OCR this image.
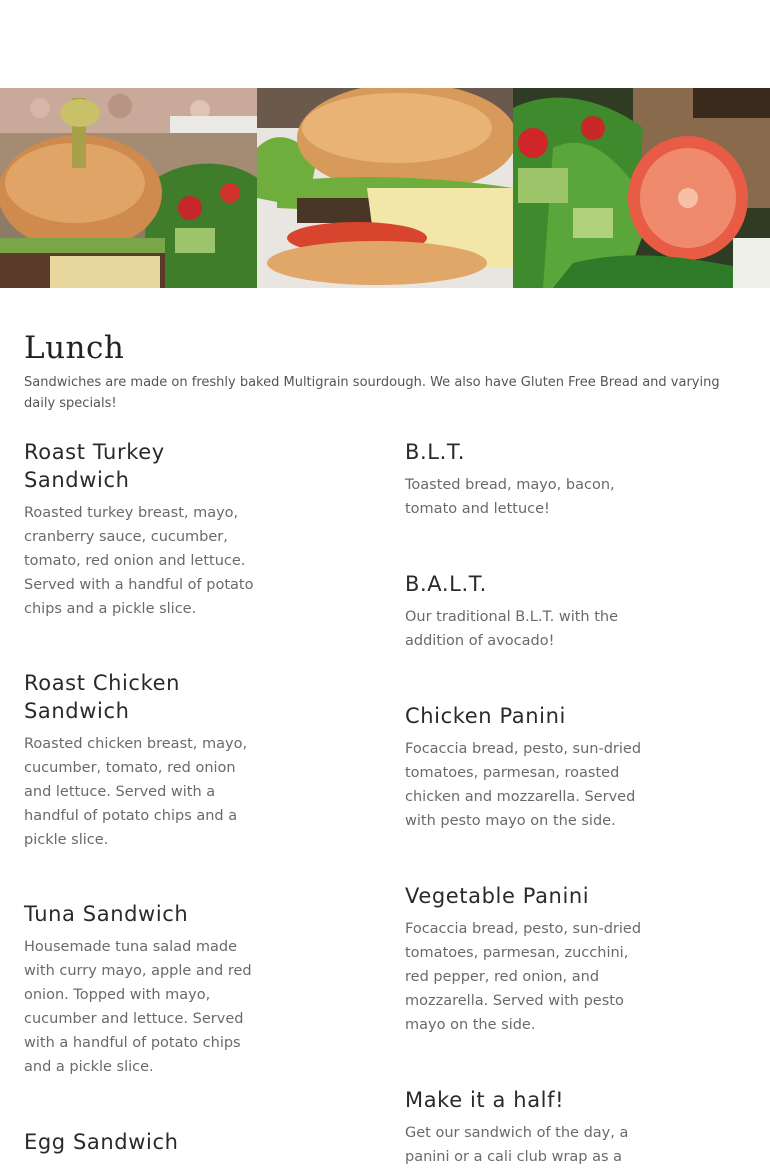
Lunch

Sandwiches are made on freshly baked Multigrain sourdough. We also have Gluten Free Bread and varying daily specials!

Roast Turkey Sandwich

Roasted turkey breast, mayo, cranberry sauce, cucumber, tomato, red onion and lettuce. Served with a handful of potato chips and a pickle slice.

Roast Chicken Sandwich

Roasted chicken breast, mayo, cucumber, tomato, red onion and lettuce. Served with a handful of potato chips and a pickle slice.

Tuna Sandwich

Housemade tuna salad made with curry mayo, apple and red onion. Topped with mayo, cucumber and lettuce. Served with a handful of potato chips and a pickle slice.

Egg Sandwich
B.L.T.

Toasted bread, mayo, bacon, tomato and lettuce!

B.A.L.T.

Our traditional B.L.T. with the addition of avocado!

Chicken Panini

Focaccia bread, pesto, sun-dried tomatoes, parmesan, roasted chicken and mozzarella. Served with pesto mayo on the side.

Vegetable Panini

Focaccia bread, pesto, sun-dried tomatoes, parmesan, zucchini, red pepper, red onion, and mozzarella. Served with pesto mayo on the side.

Make it a half!

Get our sandwich of the day, a panini or a cali club wrap as a
